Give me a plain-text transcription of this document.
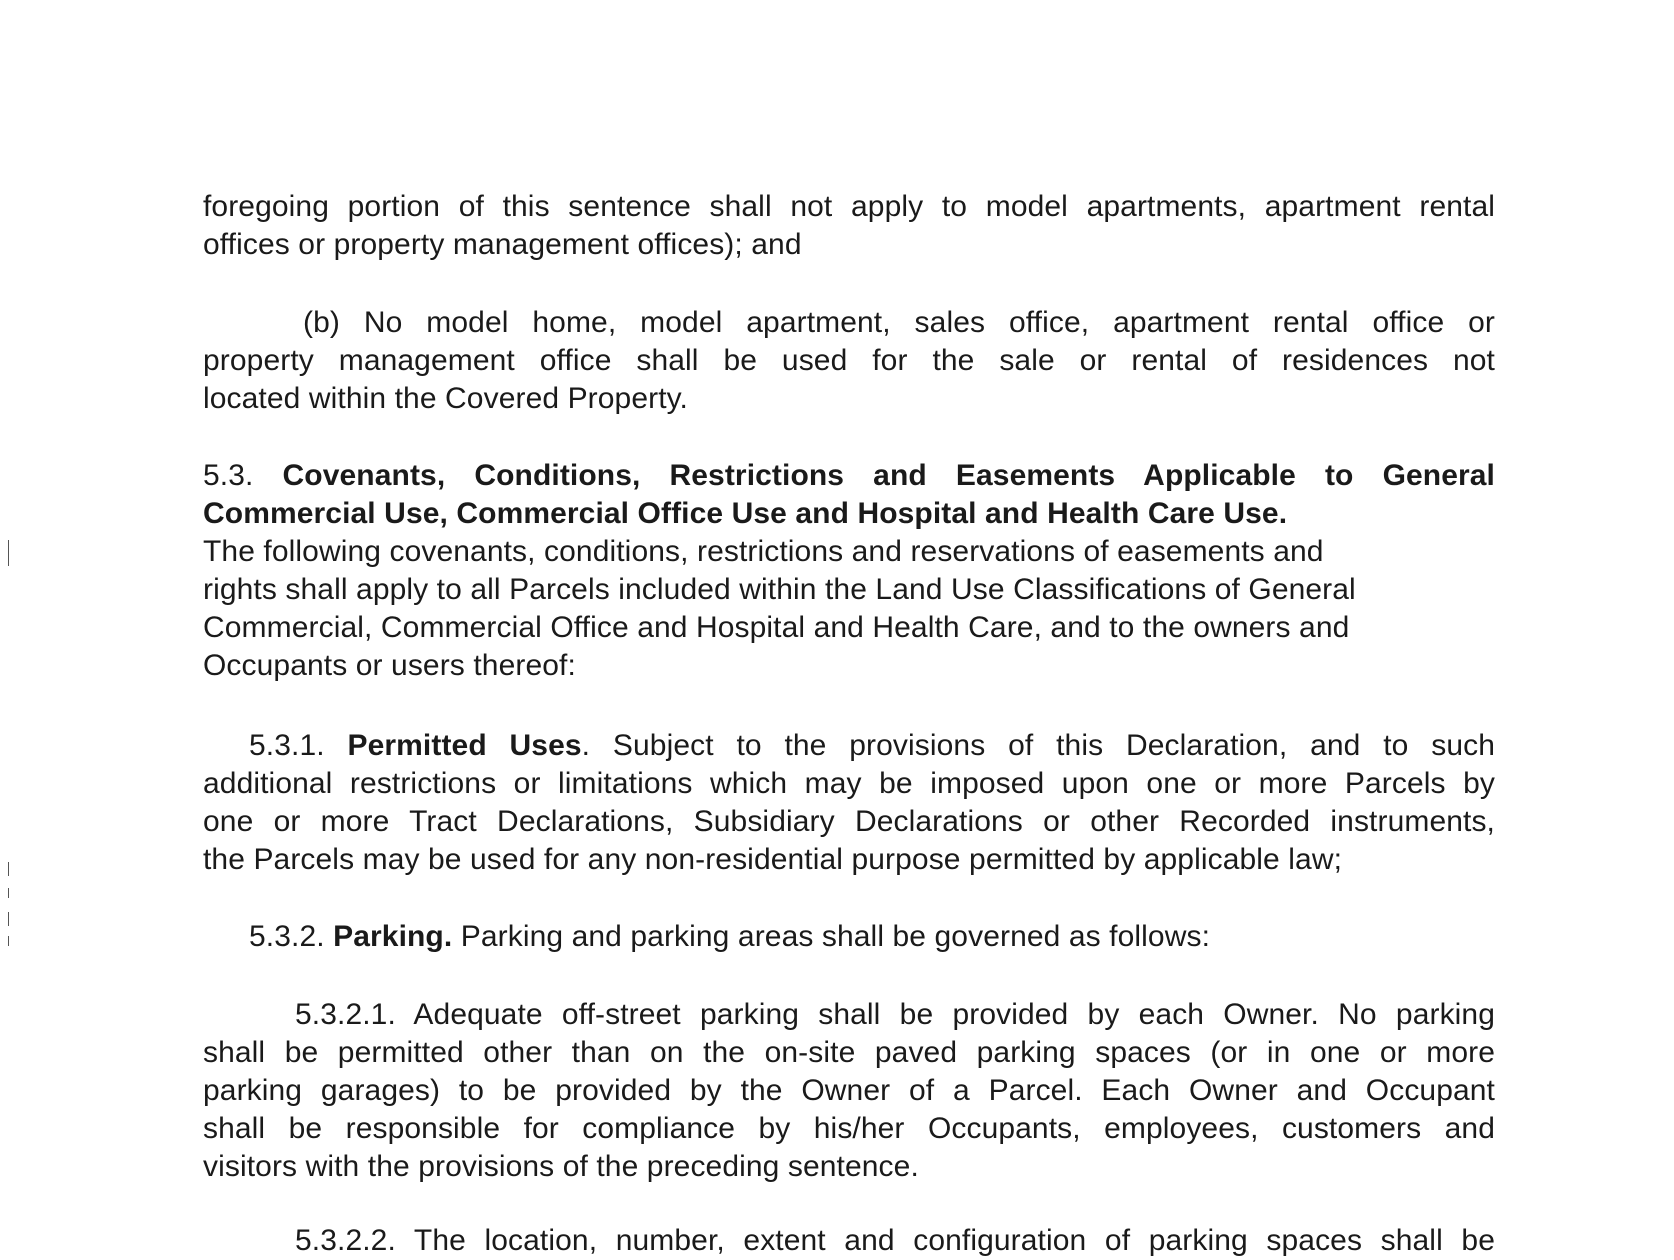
foregoing portion of this sentence shall not apply to model apartments, apartment rental
offices or property management offices); and
(b) No model home, model apartment, sales office, apartment rental office or
property management office shall be used for the sale or rental of residences not
located within the Covered Property.
5.3. Covenants, Conditions, Restrictions and Easements Applicable to General
Commercial Use, Commercial Office Use and Hospital and Health Care Use.
The following covenants, conditions, restrictions and reservations of easements and
rights shall apply to all Parcels included within the Land Use Classifications of General
Commercial, Commercial Office and Hospital and Health Care, and to the owners and
Occupants or users thereof:
5.3.1. Permitted Uses. Subject to the provisions of this Declaration, and to such
additional restrictions or limitations which may be imposed upon one or more Parcels by
one or more Tract Declarations, Subsidiary Declarations or other Recorded instruments,
the Parcels may be used for any non-residential purpose permitted by applicable law;
5.3.2. Parking. Parking and parking areas shall be governed as follows:
5.3.2.1. Adequate off-street parking shall be provided by each Owner. No parking
shall be permitted other than on the on-site paved parking spaces (or in one or more
parking garages) to be provided by the Owner of a Parcel. Each Owner and Occupant
shall be responsible for compliance by his/her Occupants, employees, customers and
visitors with the provisions of the preceding sentence.
5.3.2.2. The location, number, extent and configuration of parking spaces shall be
